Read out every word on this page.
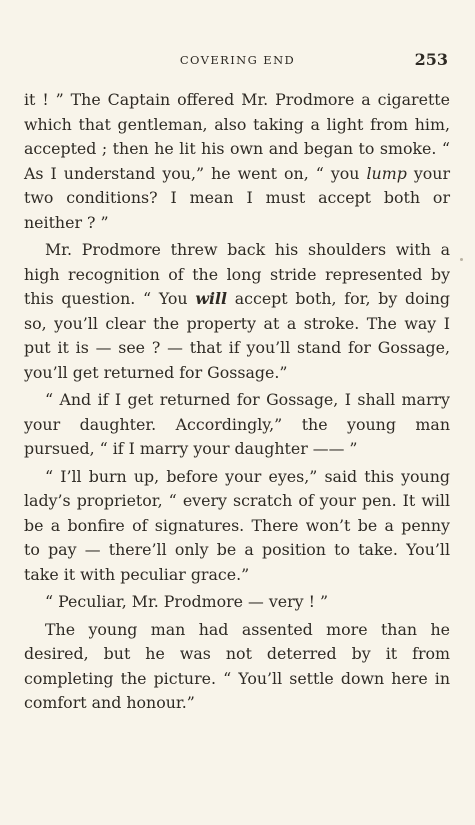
COVERING END	253

it ! ” The Captain offered Mr. Prodmore a cigarette which that gentleman, also taking a light from him, accepted ; then he lit his own and began to smoke. “ As I understand you,” he went on, “ you lump your two conditions? I mean I must accept both or neither ? ”

Mr. Prodmore threw back his shoulders with a high recognition of the long stride represented by this question. “ You will accept both, for, by doing so, you’ll clear the property at a stroke. The way I put it is — see ? — that if you’ll stand for Gossage, you’ll get returned for Gossage.”

“ And if I get returned for Gossage, I shall marry your daughter. Accordingly,” the young man pursued, “ if I marry your daughter —— ”

“ I’ll burn up, before your eyes,” said this young lady’s proprietor, “ every scratch of your pen. It will be a bonfire of signatures. There won’t be a penny to pay — there’ll only be a position to take. You’ll take it with peculiar grace.”

“ Peculiar, Mr. Prodmore — very ! ”

The young man had assented more than he desired, but he was not deterred by it from completing the picture. “ You’ll settle down here in comfort and honour.”
